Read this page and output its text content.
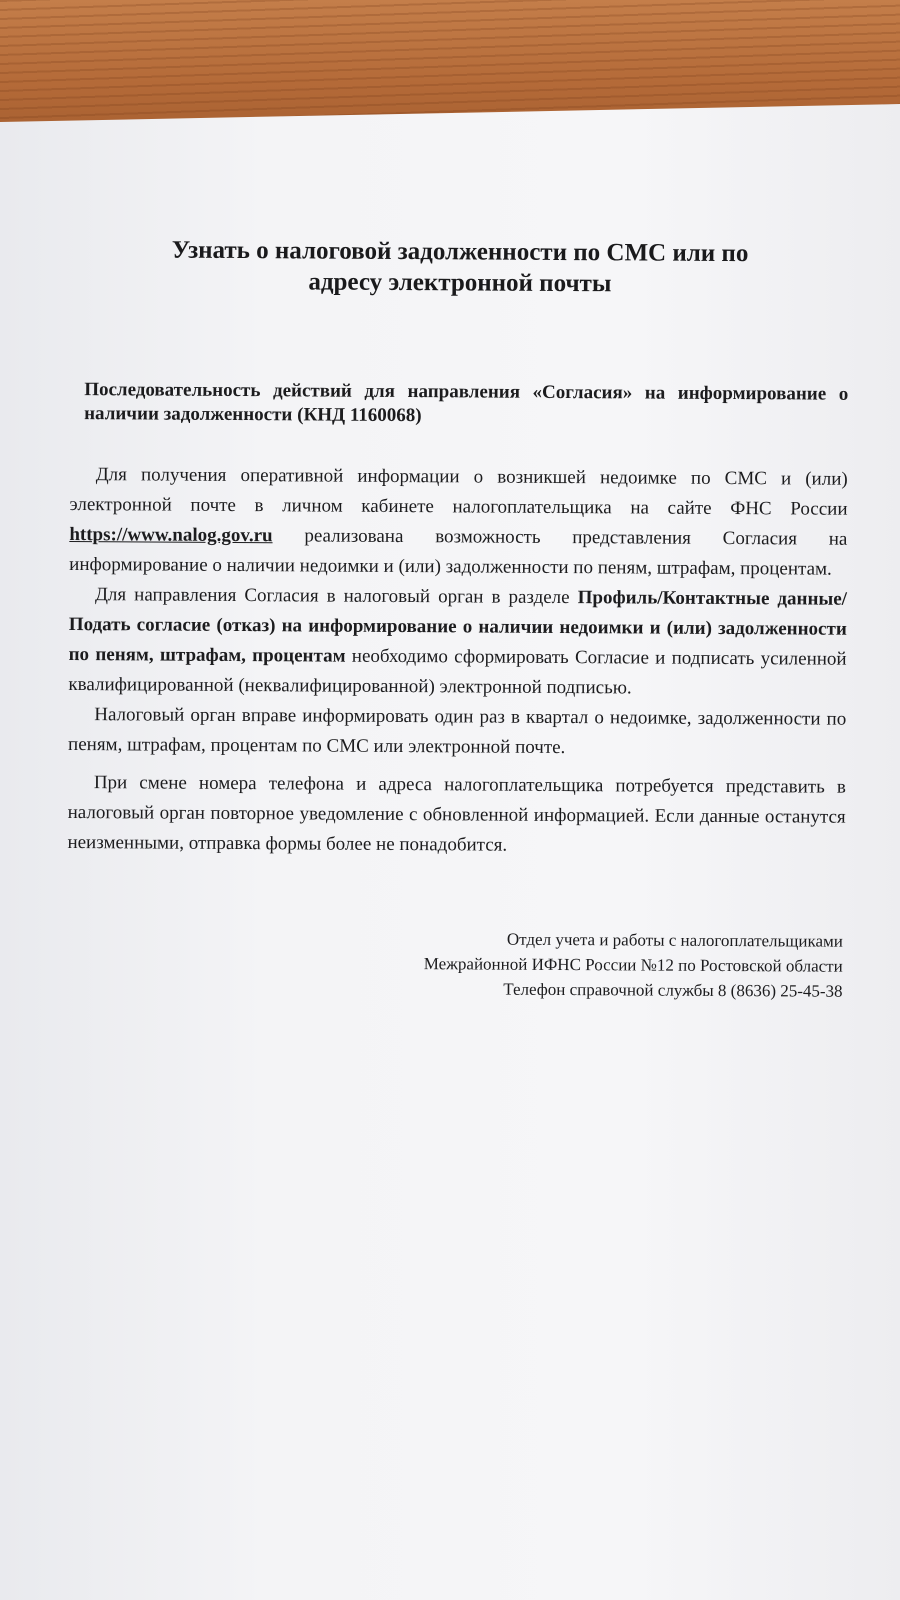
Узнать о налоговой задолженности по СМС или по
адресу электронной почты
Последовательность действий для направления «Согласия» на информирование о наличии задолженности (КНД 1160068)

Для получения оперативной информации о возникшей недоимке по СМС и (или) электронной почте в личном кабинете налогоплательщика на сайте ФНС России https://www.nalog.gov.ru реализована возможность представления Согласия на информирование о наличии недоимки и (или) задолженности по пеням, штрафам, процентам.

Для направления Согласия в налоговый орган в разделе Профиль/Контактные данные/Подать согласие (отказ) на информирование о наличии недоимки и (или) задолженности по пеням, штрафам, процентам необходимо сформировать Согласие и подписать усиленной квалифицированной (неквалифицированной) электронной подписью.

Налоговый орган вправе информировать один раз в квартал о недоимке, задолженности по пеням, штрафам, процентам по СМС или электронной почте.

При смене номера телефона и адреса налогоплательщика потребуется представить в налоговый орган повторное уведомление с обновленной информацией. Если данные останутся неизменными, отправка формы более не понадобится.

Отдел учета и работы с налогоплательщиками
Межрайонной ИФНС России №12 по Ростовской области
Телефон справочной службы 8 (8636) 25-45-38
